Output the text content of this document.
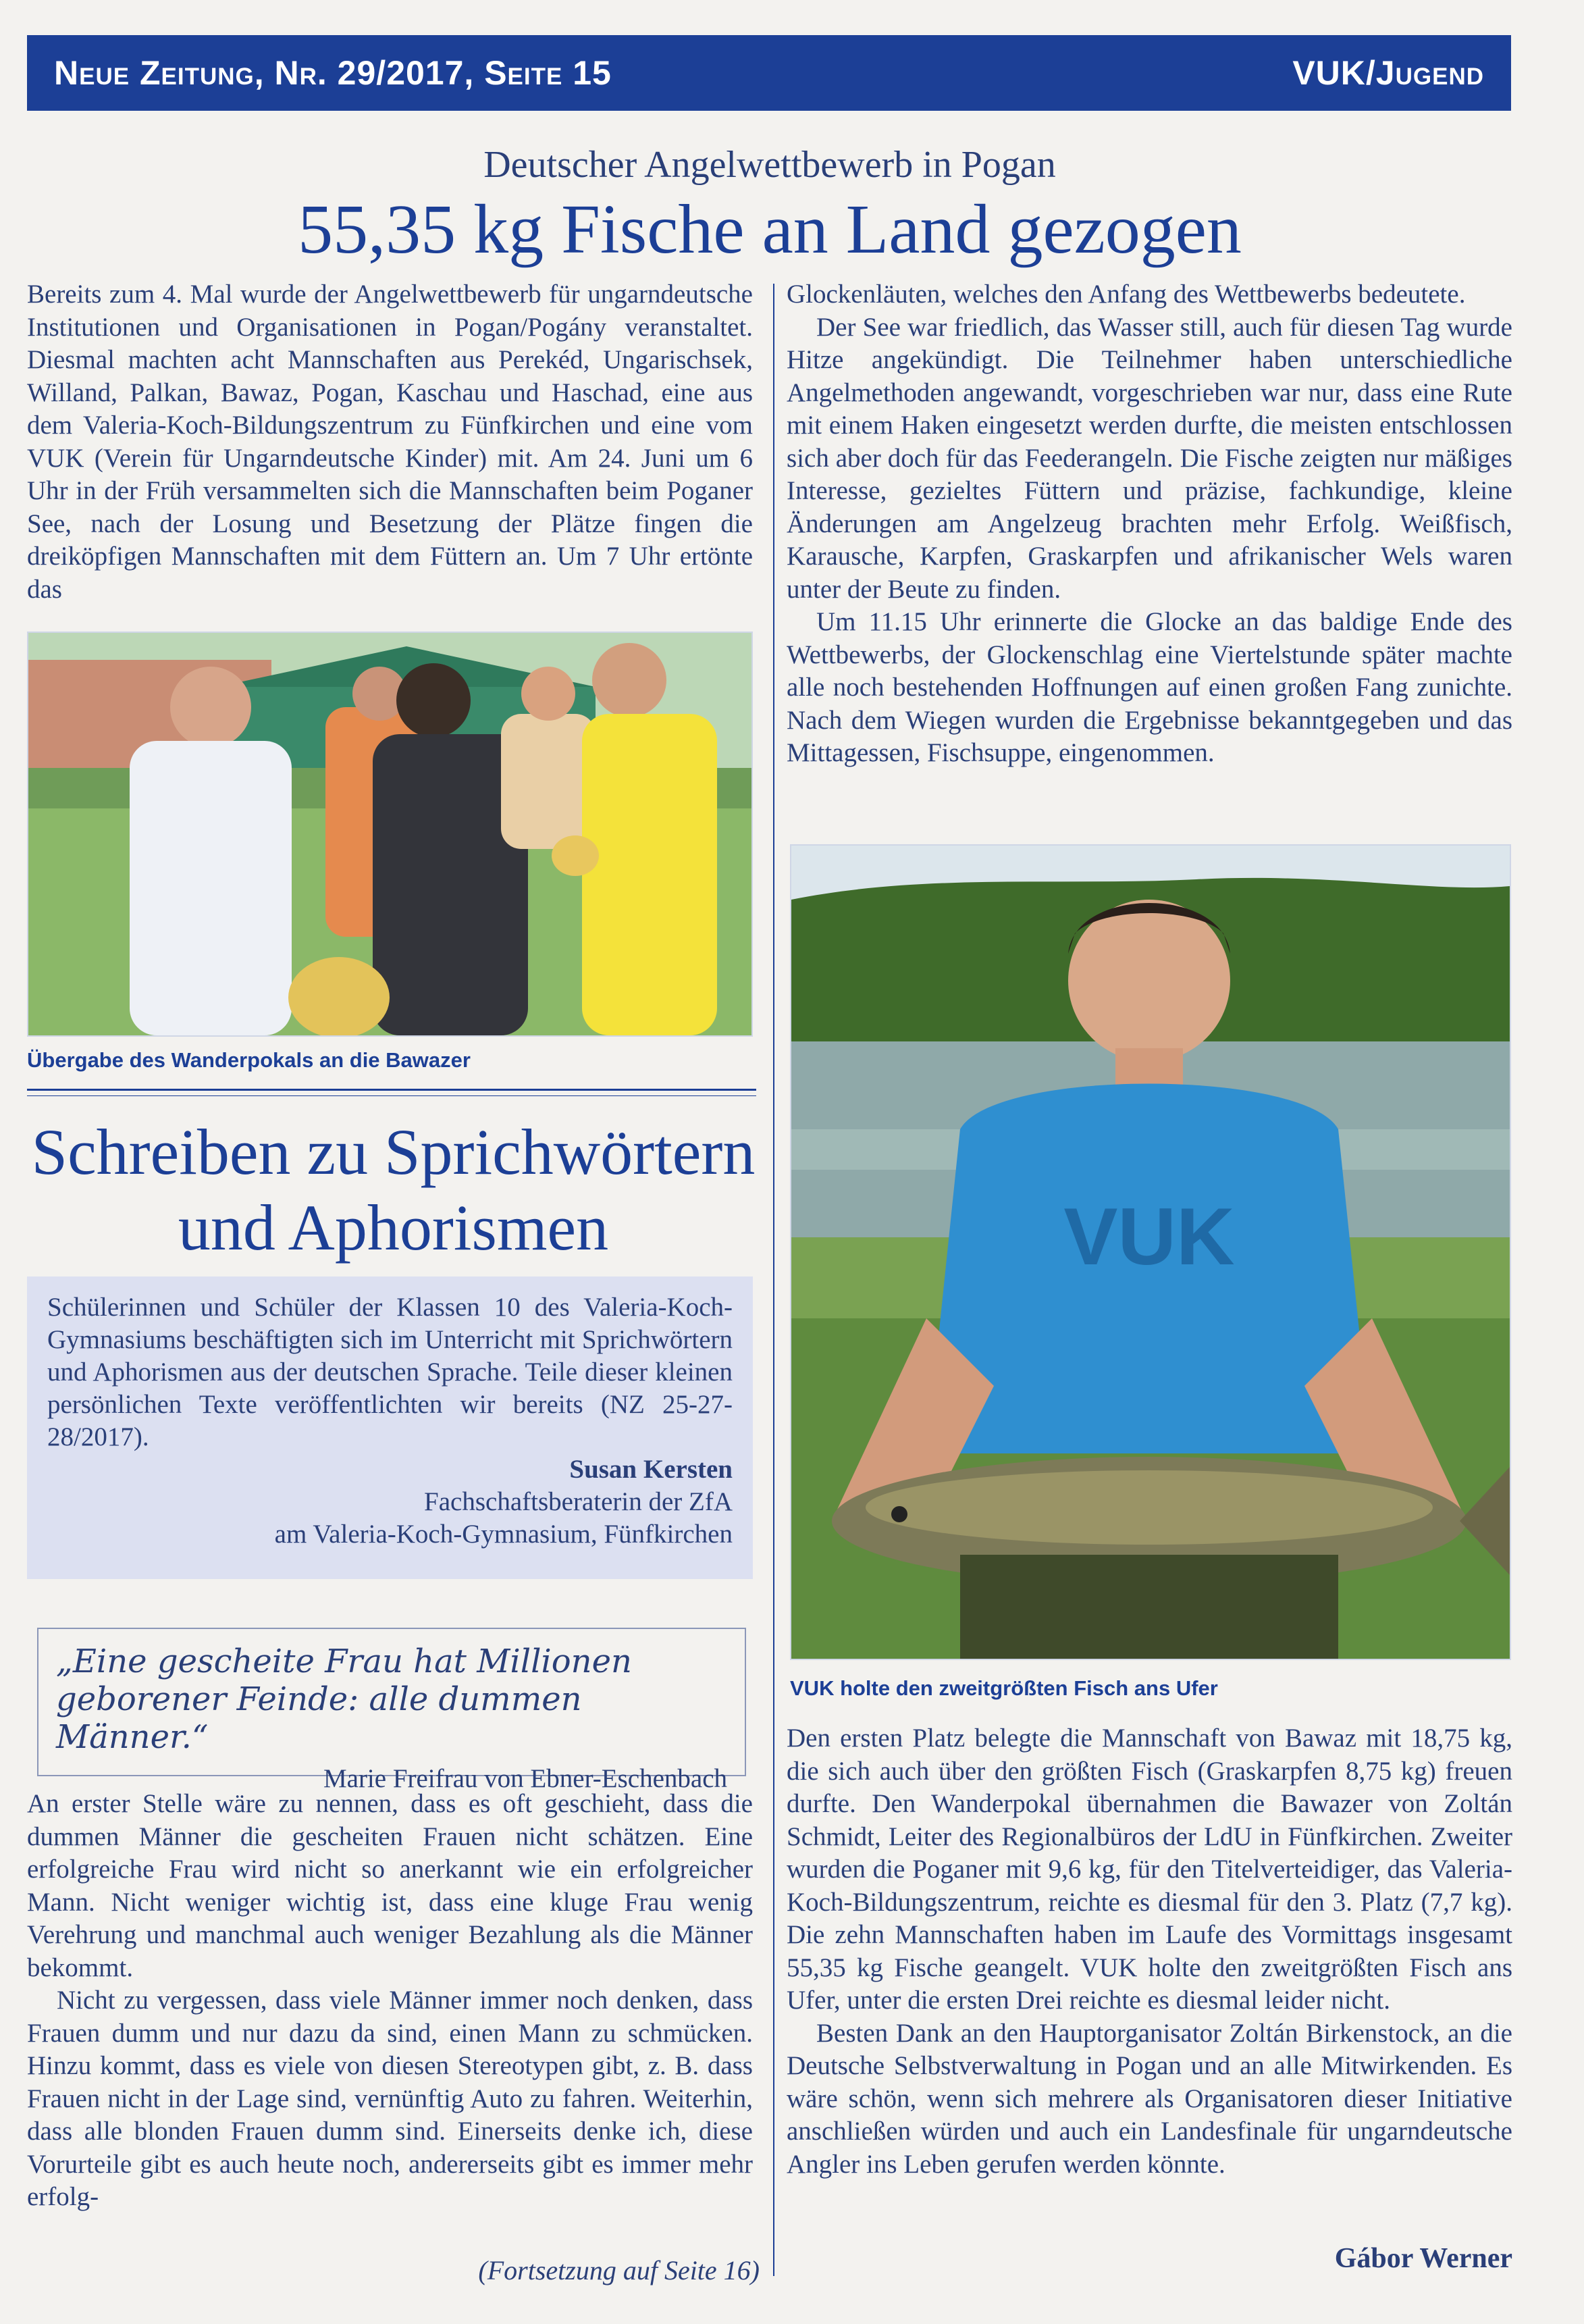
Neue Zeitung, Nr. 29/2017, Seite 15	VUK/Jugend
Deutscher Angelwettbewerb in Pogan
55,35 kg Fische an Land gezogen

Bereits zum 4. Mal wurde der Angelwettbewerb für ungarndeutsche Institutionen und Organisationen in Pogan/Pogány veranstaltet. Diesmal machten acht Mannschaften aus Perekéd, Ungarischsek, Willand, Palkan, Bawaz, Pogan, Kaschau und Haschad, eine aus dem Valeria-Koch-Bildungszentrum zu Fünfkirchen und eine vom VUK (Verein für Ungarndeutsche Kinder) mit. Am 24. Juni um 6 Uhr in der Früh versammelten sich die Mannschaften beim Poganer See, nach der Losung und Besetzung der Plätze fingen die dreiköpfigen Mannschaften mit dem Füttern an. Um 7 Uhr ertönte das

Übergabe des Wanderpokals an die Bawazer
Schreiben zu Sprichwörtern und Aphorismen
Schülerinnen und Schüler der Klassen 10 des Valeria-Koch-Gymnasiums beschäftigten sich im Unterricht mit Sprichwörtern und Aphorismen aus der deutschen Sprache. Teile dieser kleinen persönlichen Texte veröffentlichten wir bereits (NZ 25-27-28/2017).
Susan Kersten
Fachschaftsberaterin der ZfA
am Valeria-Koch-Gymnasium, Fünfkirchen
„Eine gescheite Frau hat Millionen geborener Feinde: alle dummen Männer.“
Marie Freifrau von Ebner-Eschenbach

An erster Stelle wäre zu nennen, dass es oft geschieht, dass die dummen Männer die gescheiten Frauen nicht schätzen. Eine erfolgreiche Frau wird nicht so anerkannt wie ein erfolgreicher Mann. Nicht weniger wichtig ist, dass eine kluge Frau wenig Verehrung und manchmal auch weniger Bezahlung als die Männer bekommt.

Nicht zu vergessen, dass viele Männer immer noch denken, dass Frauen dumm und nur dazu da sind, einen Mann zu schmücken. Hinzu kommt, dass es viele von diesen Stereotypen gibt, z. B. dass Frauen nicht in der Lage sind, vernünftig Auto zu fahren. Weiterhin, dass alle blonden Frauen dumm sind. Einerseits denke ich, diese Vorurteile gibt es auch heute noch, andererseits gibt es immer mehr erfolg-

(Fortsetzung auf Seite 16)

Glockenläuten, welches den Anfang des Wettbewerbs bedeutete.

Der See war friedlich, das Wasser still, auch für diesen Tag wurde Hitze angekündigt. Die Teilnehmer haben unterschiedliche Angelmethoden angewandt, vorgeschrieben war nur, dass eine Rute mit einem Haken eingesetzt werden durfte, die meisten entschlossen sich aber doch für das Feederangeln. Die Fische zeigten nur mäßiges Interesse, gezieltes Füttern und präzise, fachkundige, kleine Änderungen am Angelzeug brachten mehr Erfolg. Weißfisch, Karausche, Karpfen, Graskarpfen und afrikanischer Wels waren unter der Beute zu finden.

Um 11.15 Uhr erinnerte die Glocke an das baldige Ende des Wettbewerbs, der Glockenschlag eine Viertelstunde später machte alle noch bestehenden Hoffnungen auf einen großen Fang zunichte. Nach dem Wiegen wurden die Ergebnisse bekanntgegeben und das Mittagessen, Fischsuppe, eingenommen.

VUK
VUK holte den zweitgrößten Fisch ans Ufer

Den ersten Platz belegte die Mannschaft von Bawaz mit 18,75 kg, die sich auch über den größten Fisch (Graskarpfen 8,75 kg) freuen durfte. Den Wanderpokal übernahmen die Bawazer von Zoltán Schmidt, Leiter des Regionalbüros der LdU in Fünfkirchen. Zweiter wurden die Poganer mit 9,6 kg, für den Titelverteidiger, das Valeria-Koch-Bildungszentrum, reichte es diesmal für den 3. Platz (7,7 kg). Die zehn Mannschaften haben im Laufe des Vormittags insgesamt 55,35 kg Fische geangelt. VUK holte den zweitgrößten Fisch ans Ufer, unter die ersten Drei reichte es diesmal leider nicht.

Besten Dank an den Hauptorganisator Zoltán Birkenstock, an die Deutsche Selbstverwaltung in Pogan und an alle Mitwirkenden. Es wäre schön, wenn sich mehrere als Organisatoren dieser Initiative anschließen würden und auch ein Landesfinale für ungarndeutsche Angler ins Leben gerufen werden könnte.

Gábor Werner
